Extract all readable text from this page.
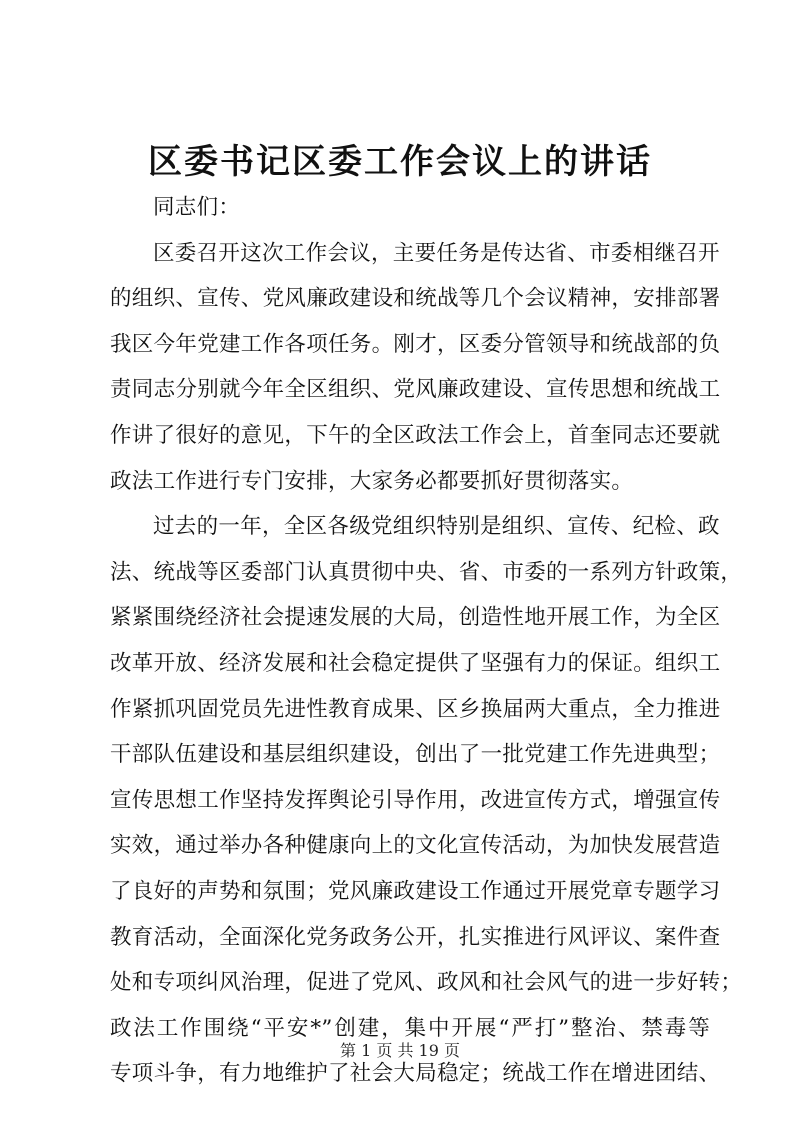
区委书记区委工作会议上的讲话
同志们：
区委召开这次工作会议，主要任务是传达省、市委相继召开
的组织、宣传、党风廉政建设和统战等几个会议精神，安排部署
我区今年党建工作各项任务。刚才，区委分管领导和统战部的负
责同志分别就今年全区组织、党风廉政建设、宣传思想和统战工
作讲了很好的意见，下午的全区政法工作会上，首奎同志还要就
政法工作进行专门安排，大家务必都要抓好贯彻落实。
过去的一年，全区各级党组织特别是组织、宣传、纪检、政
法、统战等区委部门认真贯彻中央、省、市委的一系列方针政策，
紧紧围绕经济社会提速发展的大局，创造性地开展工作，为全区
改革开放、经济发展和社会稳定提供了坚强有力的保证。组织工
作紧抓巩固党员先进性教育成果、区乡换届两大重点，全力推进
干部队伍建设和基层组织建设，创出了一批党建工作先进典型；
宣传思想工作坚持发挥舆论引导作用，改进宣传方式，增强宣传
实效，通过举办各种健康向上的文化宣传活动，为加快发展营造
了良好的声势和氛围；党风廉政建设工作通过开展党章专题学习
教育活动，全面深化党务政务公开，扎实推进行风评议、案件查
处和专项纠风治理，促进了党风、政风和社会风气的进一步好转；
政法工作围绕“平安*”创建，集中开展“严打”整治、禁毒等
专项斗争，有力地维护了社会大局稳定；统战工作在增进团结、
第 1 页 共 19 页
